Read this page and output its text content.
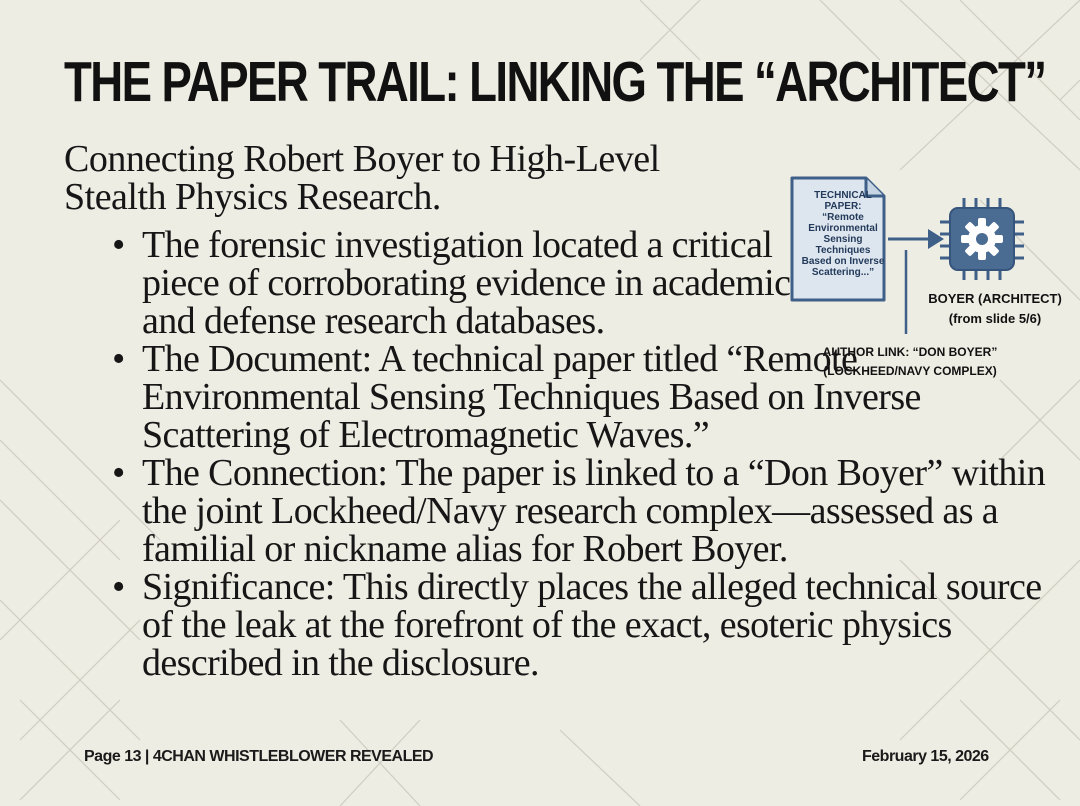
THE PAPER TRAIL: LINKING THE “ARCHITECT”

Connecting Robert Boyer to High-Level Stealth Physics Research.

• The forensic investigation located a critical piece of corroborating evidence in academic and defense research databases.
• The Document: A technical paper titled “Remote Environmental Sensing Techniques Based on Inverse Scattering of Electromagnetic Waves.”
• The Connection: The paper is linked to a “Don Boyer” within the joint Lockheed/Navy research complex—assessed as a familial or nickname alias for Robert Boyer.
• Significance: This directly places the alleged technical source of the leak at the forefront of the exact, esoteric physics described in the disclosure.
TECHNICAL
PAPER:
“Remote
Environmental
Sensing
Techniques
Based on Inverse
Scattering...”
BOYER (ARCHITECT)
(from slide 5/6)
AUTHOR LINK: “DON BOYER”
(LOCKHEED/NAVY COMPLEX)
Page 13 | 4CHAN WHISTLEBLOWER REVEALED	February 15, 2026
